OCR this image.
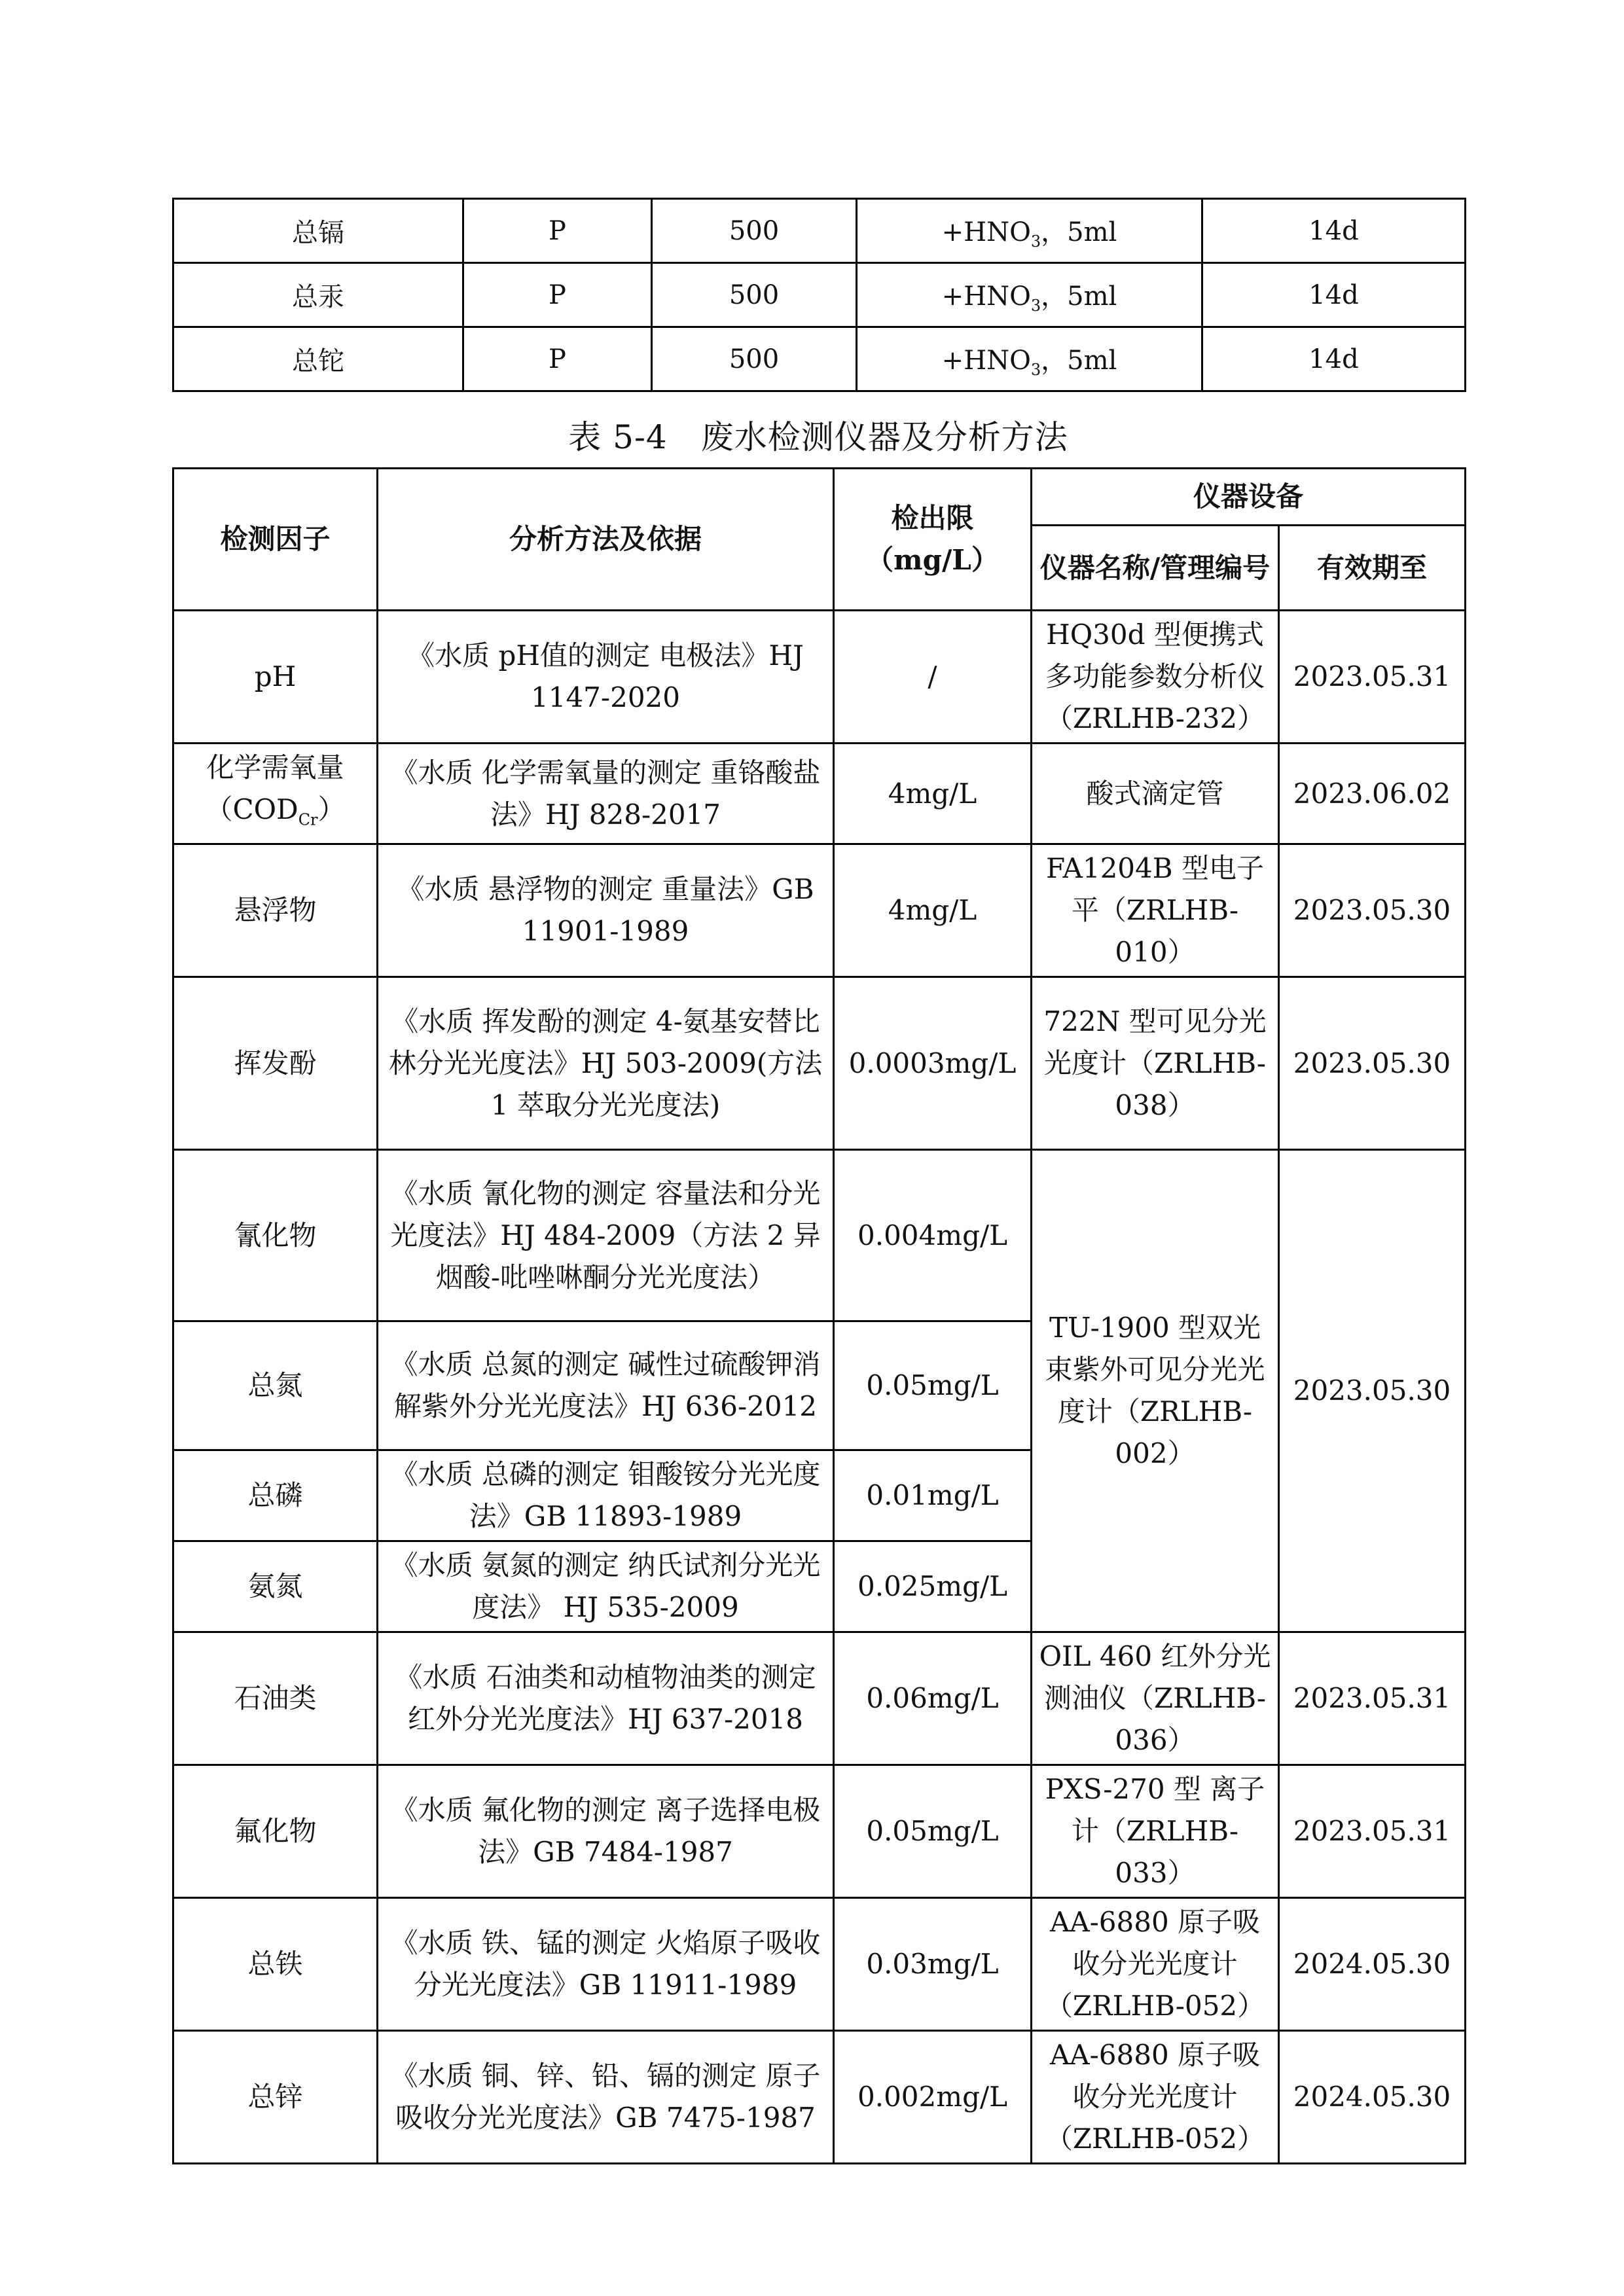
总镉	P	500	$+HNO_3$，5ml	14d
总汞	P	500	$+HNO_3$，5ml	14d
总铊	P	500	$+HNO_3$，5ml	14d
表 5-4　废水检测仪器及分析方法
检测因子	分析方法及依据	检出限（mg/L）	仪器设备	
			仪器名称/管理编号	有效期至
pH	《水质 pH值的测定 电极法》HJ 1147-2020	/	HQ30d 型便携式多功能参数分析仪（ZRLHB-232）	2023.05.31
化学需氧量$(COD_{Cr})$	《水质 化学需氧量的测定 重铬酸盐法》HJ 828-2017	4mg/L	酸式滴定管	2023.06.02
悬浮物	《水质 悬浮物的测定 重量法》GB 11901-1989	4mg/L	FA1204B 型电子平（ZRLHB-010）	2023.05.30
挥发酚	《水质 挥发酚的测定 4-氨基安替比林分光光度法》HJ 503-2009(方法 1 萃取分光光度法)	0.0003mg/L	722N 型可见分光光度计（ZRLHB-038）	2023.05.30
氰化物	《水质 氰化物的测定 容量法和分光光度法》HJ 484-2009（方法 2 异烟酸-吡唑啉酮分光光度法）	0.004mg/L	TU-1900 型双光束紫外可见分光光度计（ZRLHB-002）	2023.05.30
总氮	《水质 总氮的测定 碱性过硫酸钾消解紫外分光光度法》HJ 636-2012	0.05mg/L		
总磷	《水质 总磷的测定 钼酸铵分光光度法》GB 11893-1989	0.01mg/L		
氨氮	《水质 氨氮的测定 纳氏试剂分光光度法》 HJ 535-2009	0.025mg/L		
石油类	《水质 石油类和动植物油类的测定 红外分光光度法》HJ 637-2018	0.06mg/L	OIL 460 红外分光测油仪（ZRLHB-036）	2023.05.31
氟化物	《水质 氟化物的测定 离子选择电极法》GB 7484-1987	0.05mg/L	PXS-270 型 离子计（ZRLHB-033）	2023.05.31
总铁	《水质 铁、锰的测定 火焰原子吸收分光光度法》GB 11911-1989	0.03mg/L	AA-6880 原子吸收分光光度计（ZRLHB-052）	2024.05.30
总锌	《水质 铜、锌、铅、镉的测定 原子吸收分光光度法》GB 7475-1987	0.002mg/L	AA-6880 原子吸收分光光度计（ZRLHB-052）	2024.05.30
